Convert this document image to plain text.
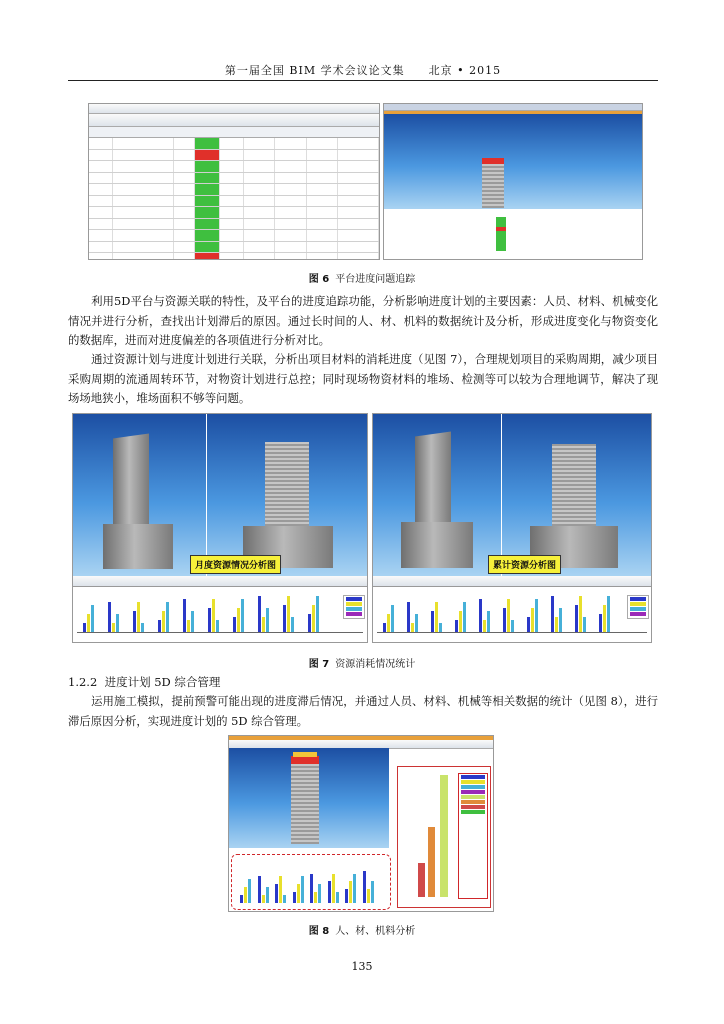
第一届全国 BIM 学术会议论文集　　北京 • 2015
图 6 平台进度问题追踪
利用5D平台与资源关联的特性，及平台的进度追踪功能，分析影响进度计划的主要因素：人员、材料、机械变化情况并进行分析，查找出计划滞后的原因。通过长时间的人、材、机料的数据统计及分析，形成进度变化与物资变化的数据库，进而对进度偏差的各项值进行分析对比。
通过资源计划与进度计划进行关联，分析出项目材料的消耗进度（见图 7），合理规划项目的采购周期，减少项目采购周期的流通周转环节，对物资计划进行总控；同时现场物资材料的堆场、检测等可以较为合理地调节，解决了现场场地狭小，堆场面积不够等问题。
月度资源情况分析图	累计资源分析图
图 7 资源消耗情况统计
1.2.2 进度计划 5D 综合管理
运用施工模拟，提前预警可能出现的进度滞后情况，并通过人员、材料、机械等相关数据的统计（见图 8），进行滞后原因分析，实现进度计划的 5D 综合管理。
图 8 人、材、机料分析
135
